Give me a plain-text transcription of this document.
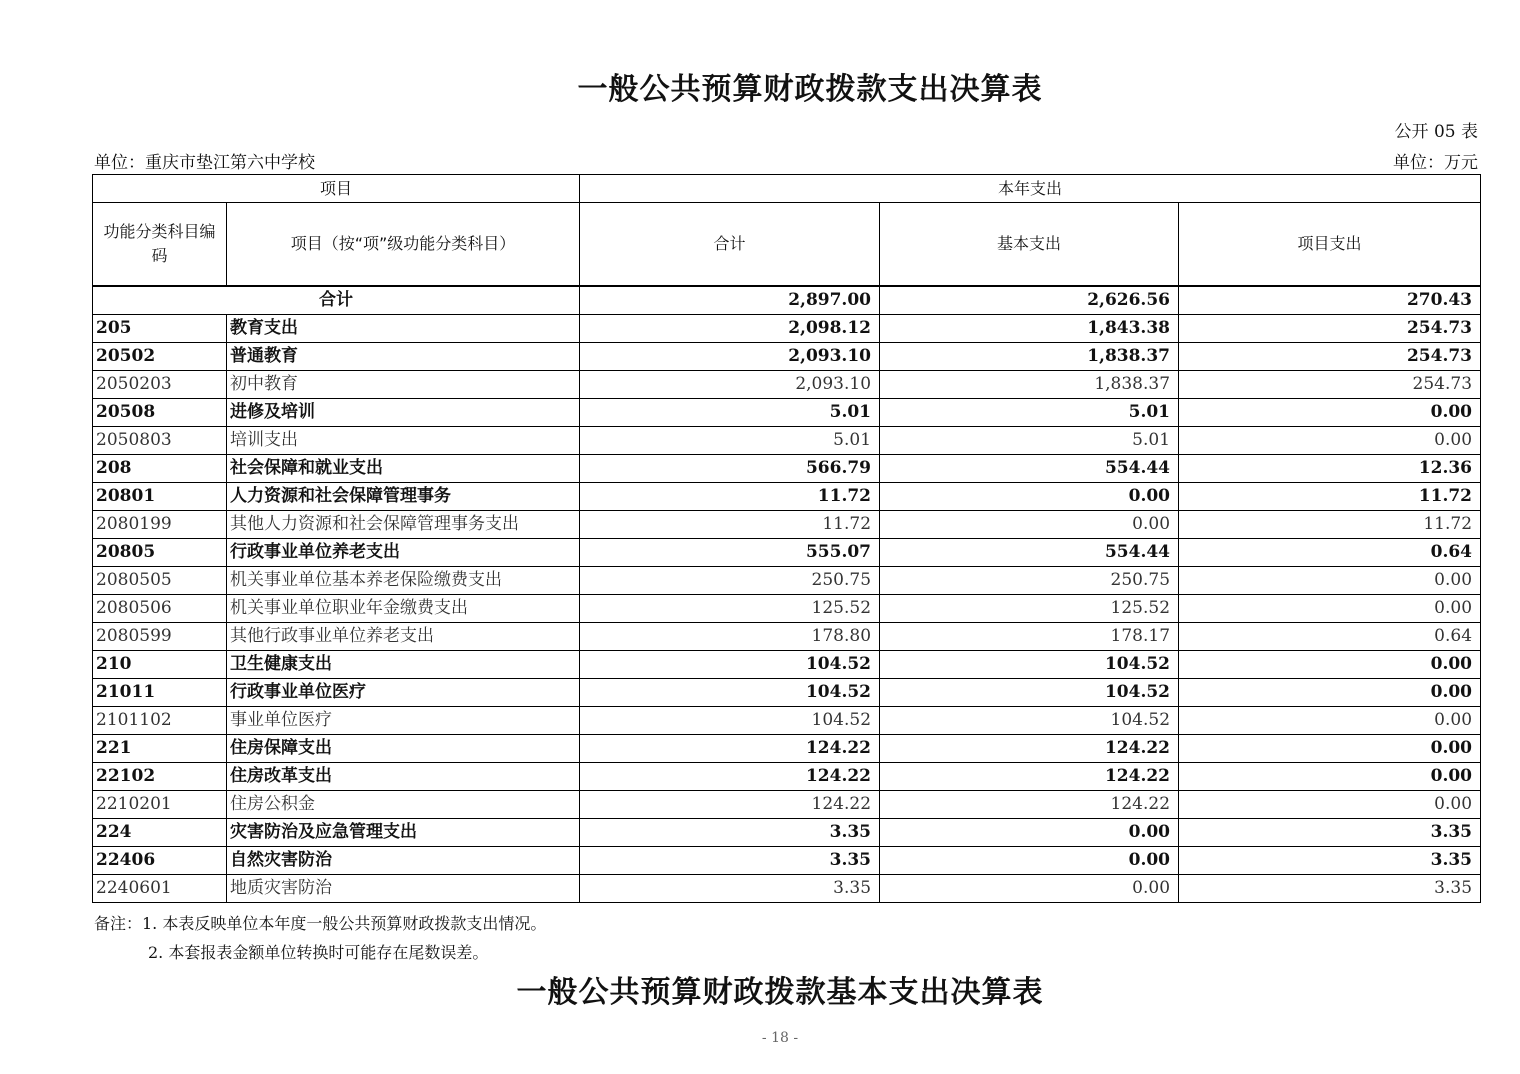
一般公共预算财政拨款支出决算表
公开 05 表
单位：重庆市垫江第六中学校	单位：万元
项目		本年支出		
功能分类科目编码	项目（按“项”级功能分类科目）	合计	基本支出	项目支出
合计		2,897.00	2,626.56	270.43
205	教育支出	2,098.12	1,843.38	254.73
20502	普通教育	2,093.10	1,838.37	254.73
2050203	初中教育	2,093.10	1,838.37	254.73
20508	进修及培训	5.01	5.01	0.00
2050803	培训支出	5.01	5.01	0.00
208	社会保障和就业支出	566.79	554.44	12.36
20801	人力资源和社会保障管理事务	11.72	0.00	11.72
2080199	其他人力资源和社会保障管理事务支出	11.72	0.00	11.72
20805	行政事业单位养老支出	555.07	554.44	0.64
2080505	机关事业单位基本养老保险缴费支出	250.75	250.75	0.00
2080506	机关事业单位职业年金缴费支出	125.52	125.52	0.00
2080599	其他行政事业单位养老支出	178.80	178.17	0.64
210	卫生健康支出	104.52	104.52	0.00
21011	行政事业单位医疗	104.52	104.52	0.00
2101102	事业单位医疗	104.52	104.52	0.00
221	住房保障支出	124.22	124.22	0.00
22102	住房改革支出	124.22	124.22	0.00
2210201	住房公积金	124.22	124.22	0.00
224	灾害防治及应急管理支出	3.35	0.00	3.35
22406	自然灾害防治	3.35	0.00	3.35
2240601	地质灾害防治	3.35	0.00	3.35
备注：1. 本表反映单位本年度一般公共预算财政拨款支出情况。
2. 本套报表金额单位转换时可能存在尾数误差。
一般公共预算财政拨款基本支出决算表
- 18 -
